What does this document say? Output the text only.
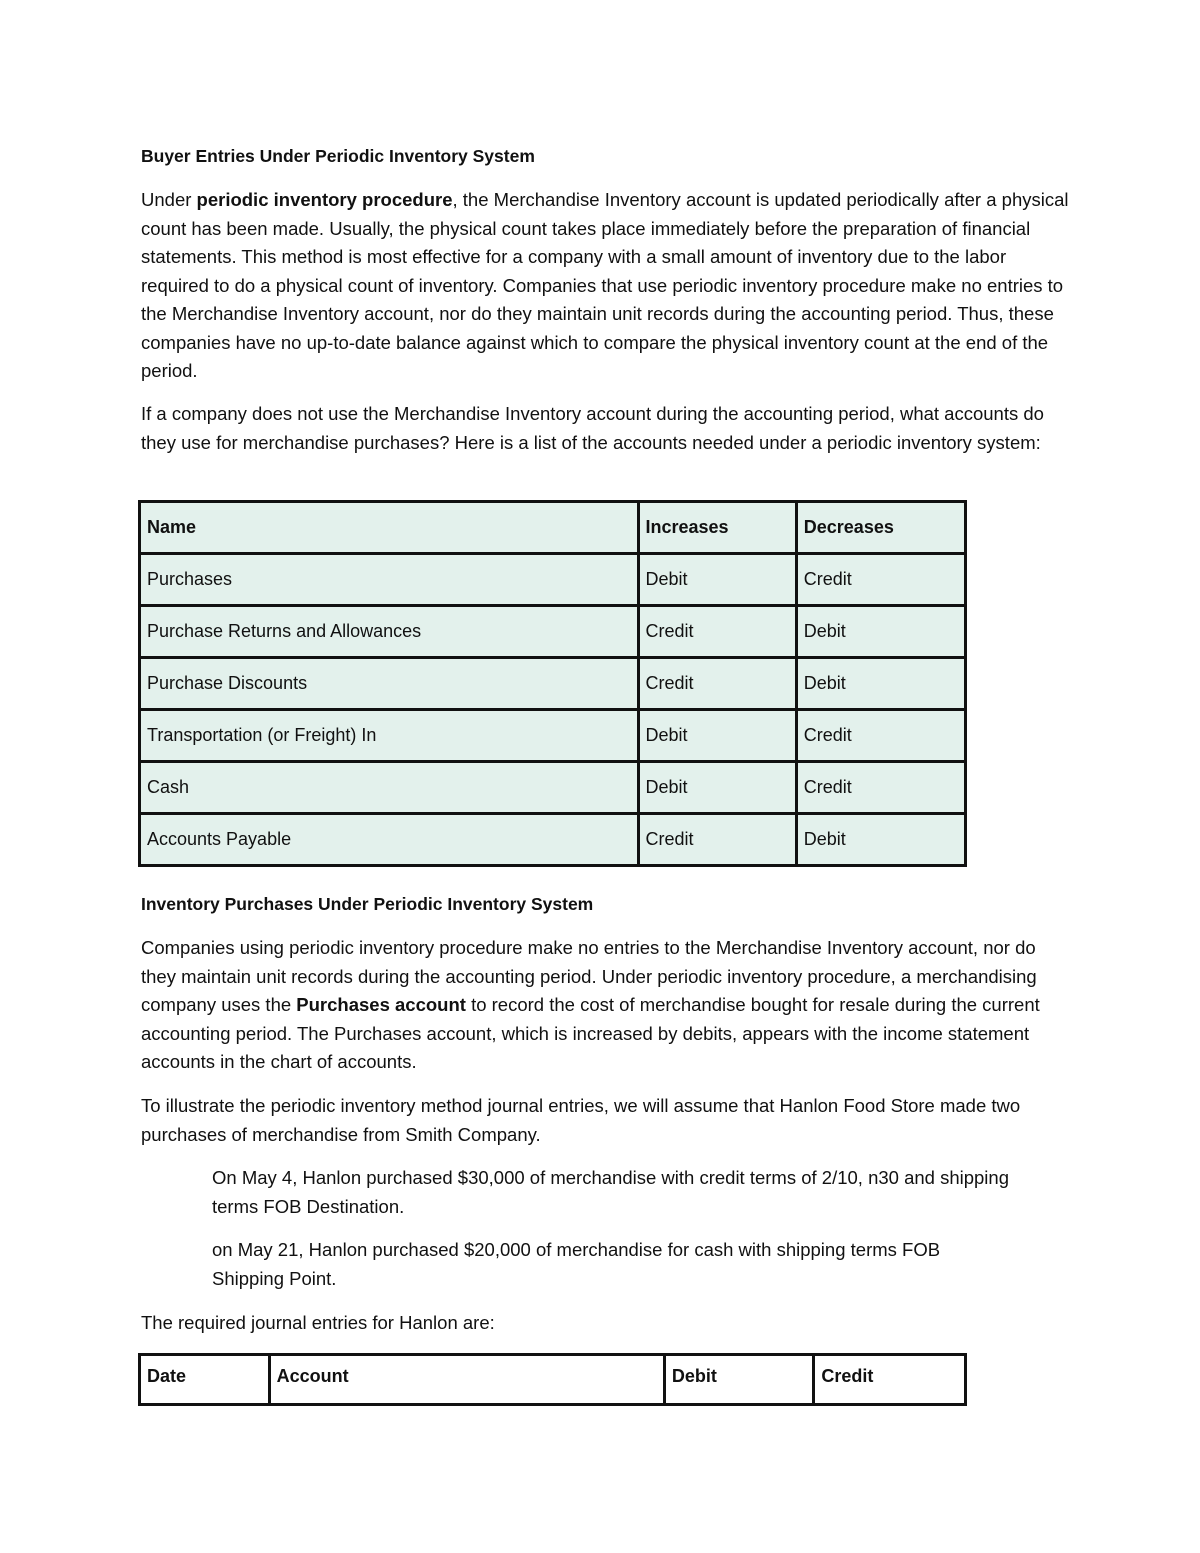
Buyer Entries Under Periodic Inventory System

Under periodic inventory procedure, the Merchandise Inventory account is updated periodically after a physical count has been made. Usually, the physical count takes place immediately before the preparation of financial statements. This method is most effective for a company with a small amount of inventory due to the labor required to do a physical count of inventory. Companies that use periodic inventory procedure make no entries to the Merchandise Inventory account, nor do they maintain unit records during the accounting period. Thus, these companies have no up-to-date balance against which to compare the physical inventory count at the end of the period.

If a company does not use the Merchandise Inventory account during the accounting period, what accounts do they use for merchandise purchases? Here is a list of the accounts needed under a periodic inventory system:

Name	Increases	Decreases
Purchases	Debit	Credit
Purchase Returns and Allowances	Credit	Debit
Purchase Discounts	Credit	Debit
Transportation (or Freight) In	Debit	Credit
Cash	Debit	Credit
Accounts Payable	Credit	Debit
Inventory Purchases Under Periodic Inventory System

Companies using periodic inventory procedure make no entries to the Merchandise Inventory account, nor do they maintain unit records during the accounting period. Under periodic inventory procedure, a merchandising company uses the Purchases account to record the cost of merchandise bought for resale during the current accounting period. The Purchases account, which is increased by debits, appears with the income statement accounts in the chart of accounts.

To illustrate the periodic inventory method journal entries, we will assume that Hanlon Food Store made two purchases of merchandise from Smith Company.

On May 4, Hanlon purchased $30,000 of merchandise with credit terms of 2/10, n30 and shipping terms FOB Destination.

on May 21, Hanlon purchased $20,000 of merchandise for cash with shipping terms FOB Shipping Point.

The required journal entries for Hanlon are:

Date	Account	Debit	Credit
